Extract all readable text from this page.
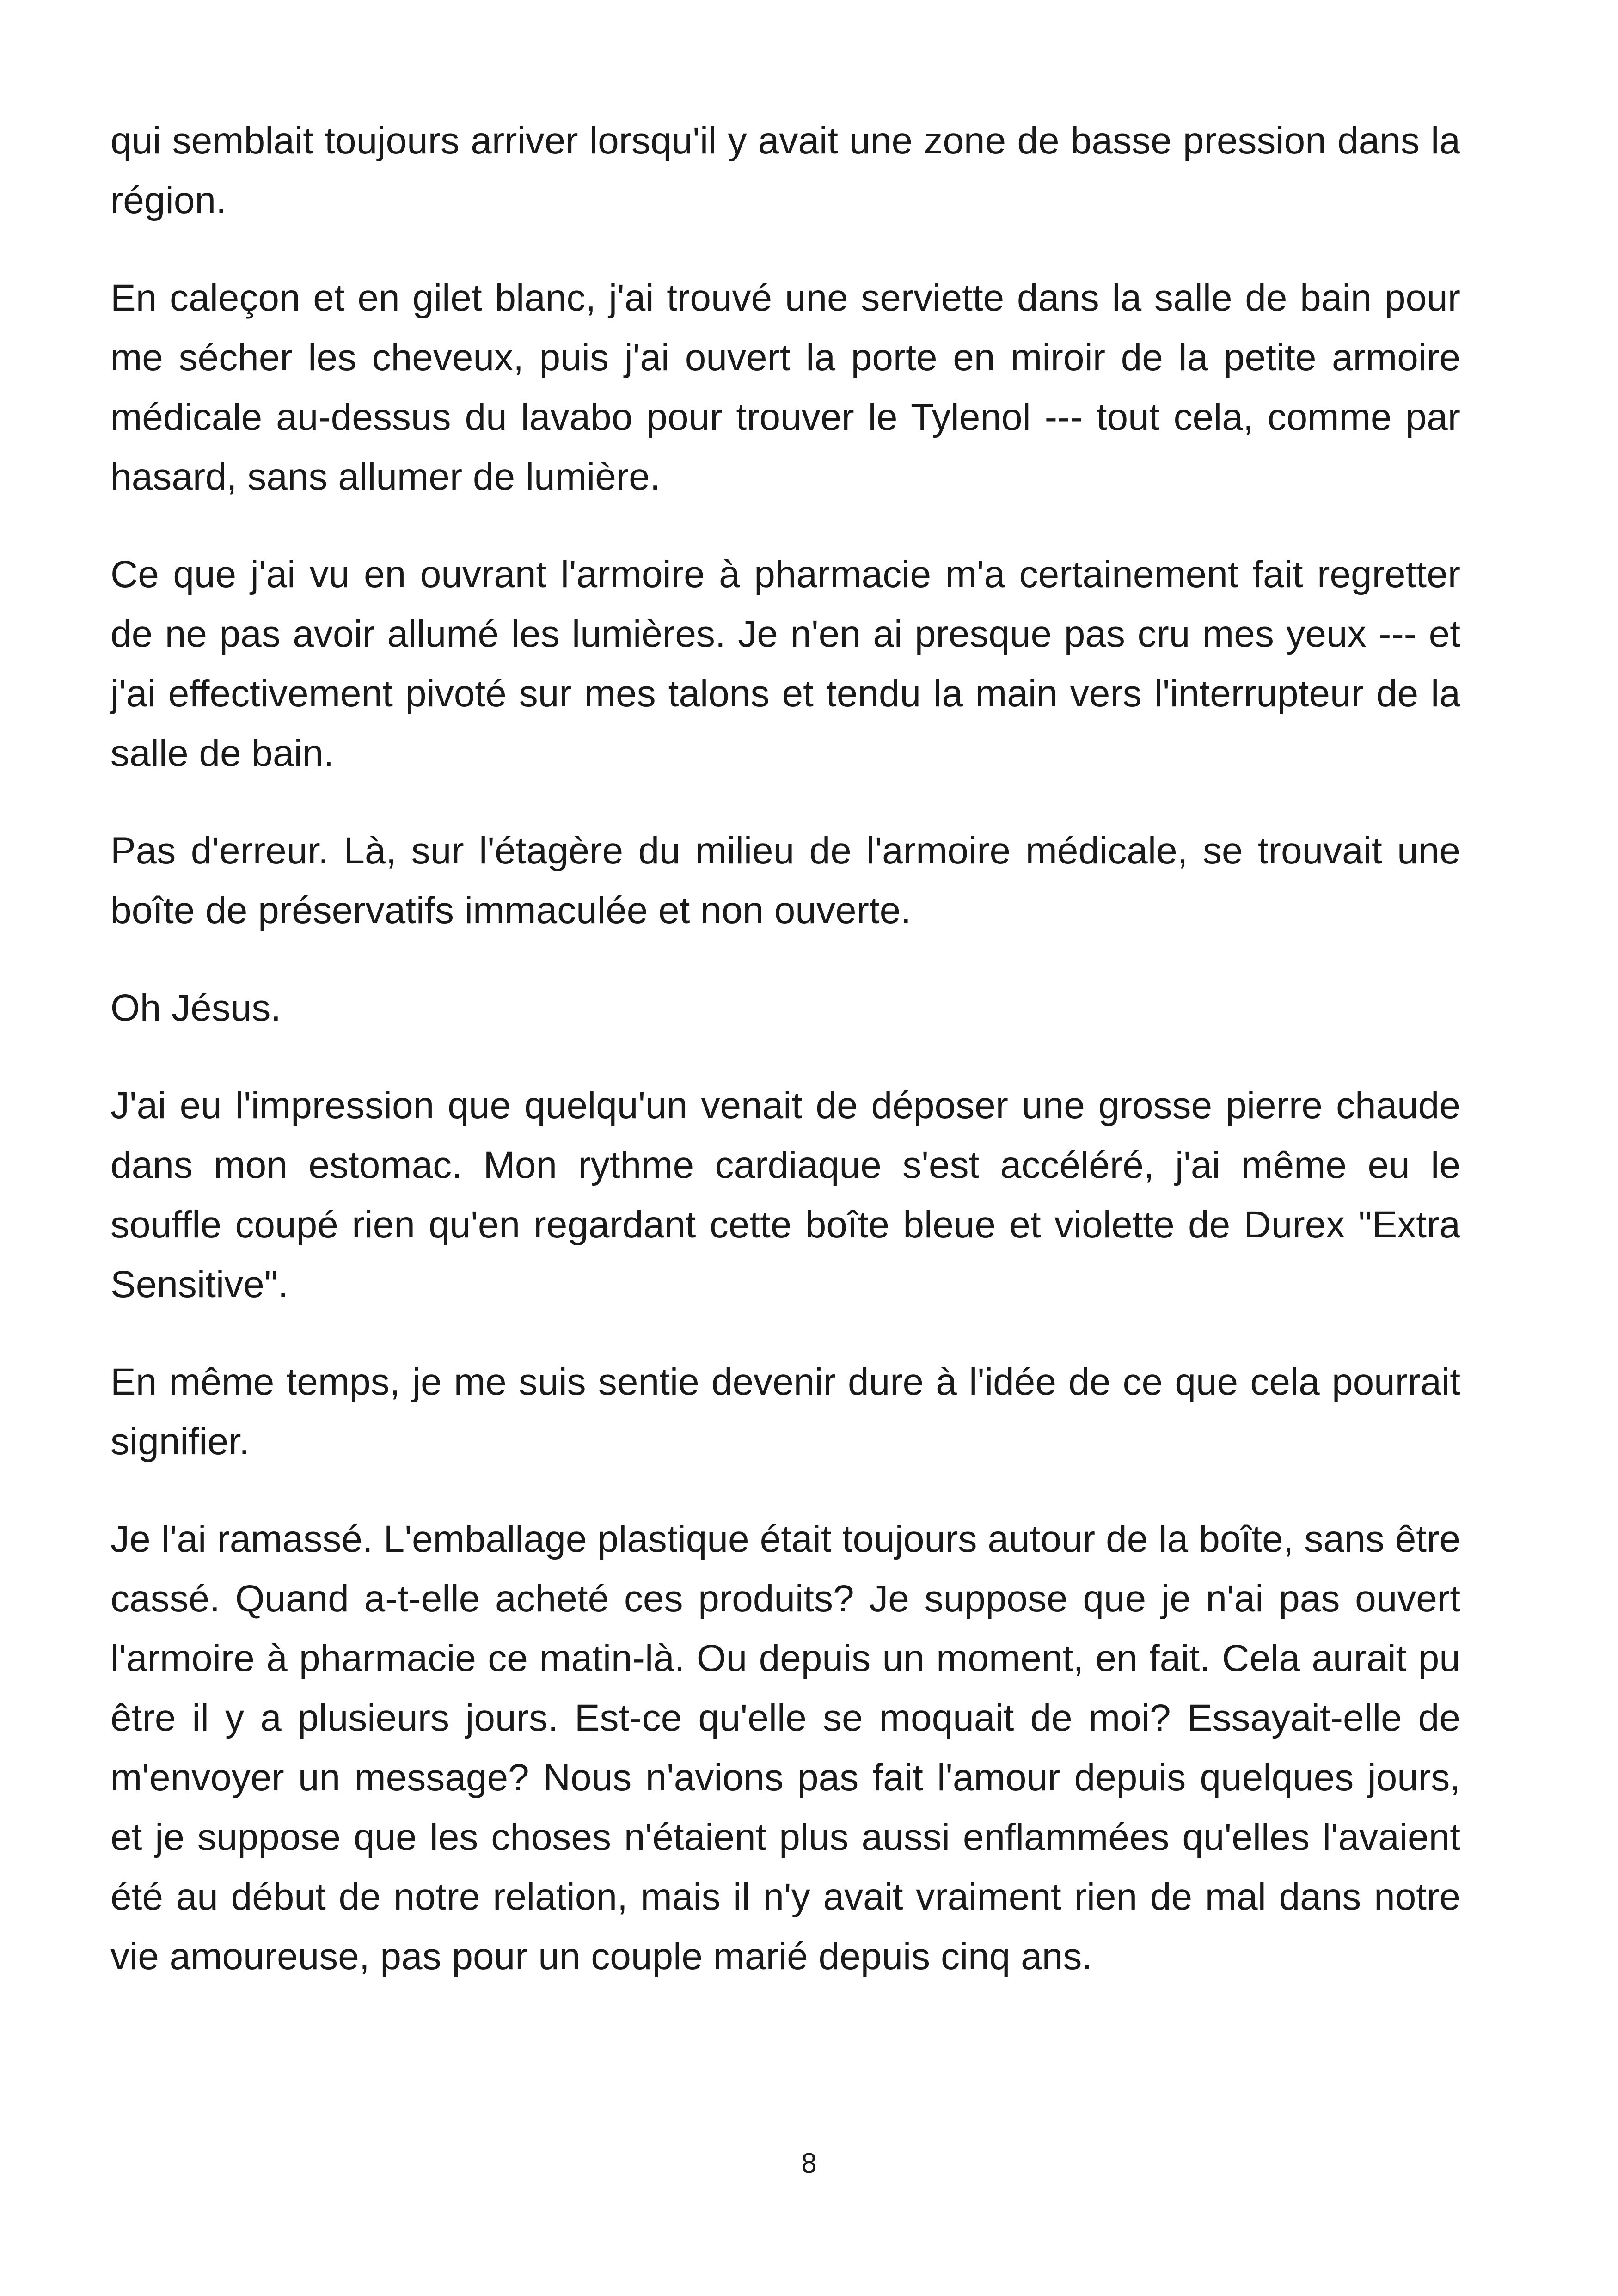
qui semblait toujours arriver lorsqu'il y avait une zone de basse pression dans la région.

En caleçon et en gilet blanc, j'ai trouvé une serviette dans la salle de bain pour me sécher les cheveux, puis j'ai ouvert la porte en miroir de la petite armoire médicale au-dessus du lavabo pour trouver le Tylenol --- tout cela, comme par hasard, sans allumer de lumière.

Ce que j'ai vu en ouvrant l'armoire à pharmacie m'a certainement fait regretter de ne pas avoir allumé les lumières. Je n'en ai presque pas cru mes yeux --- et j'ai effectivement pivoté sur mes talons et tendu la main vers l'interrupteur de la salle de bain.

Pas d'erreur. Là, sur l'étagère du milieu de l'armoire médicale, se trouvait une boîte de préservatifs immaculée et non ouverte.

Oh Jésus.

J'ai eu l'impression que quelqu'un venait de déposer une grosse pierre chaude dans mon estomac. Mon rythme cardiaque s'est accéléré, j'ai même eu le souffle coupé rien qu'en regardant cette boîte bleue et violette de Durex "Extra Sensitive".

En même temps, je me suis sentie devenir dure à l'idée de ce que cela pourrait signifier.

Je l'ai ramassé. L'emballage plastique était toujours autour de la boîte, sans être cassé. Quand a-t-elle acheté ces produits? Je suppose que je n'ai pas ouvert l'armoire à pharmacie ce matin-là. Ou depuis un moment, en fait. Cela aurait pu être il y a plusieurs jours. Est-ce qu'elle se moquait de moi? Essayait-elle de m'envoyer un message? Nous n'avions pas fait l'amour depuis quelques jours, et je suppose que les choses n'étaient plus aussi enflammées qu'elles l'avaient été au début de notre relation, mais il n'y avait vraiment rien de mal dans notre vie amoureuse, pas pour un couple marié depuis cinq ans.

8
